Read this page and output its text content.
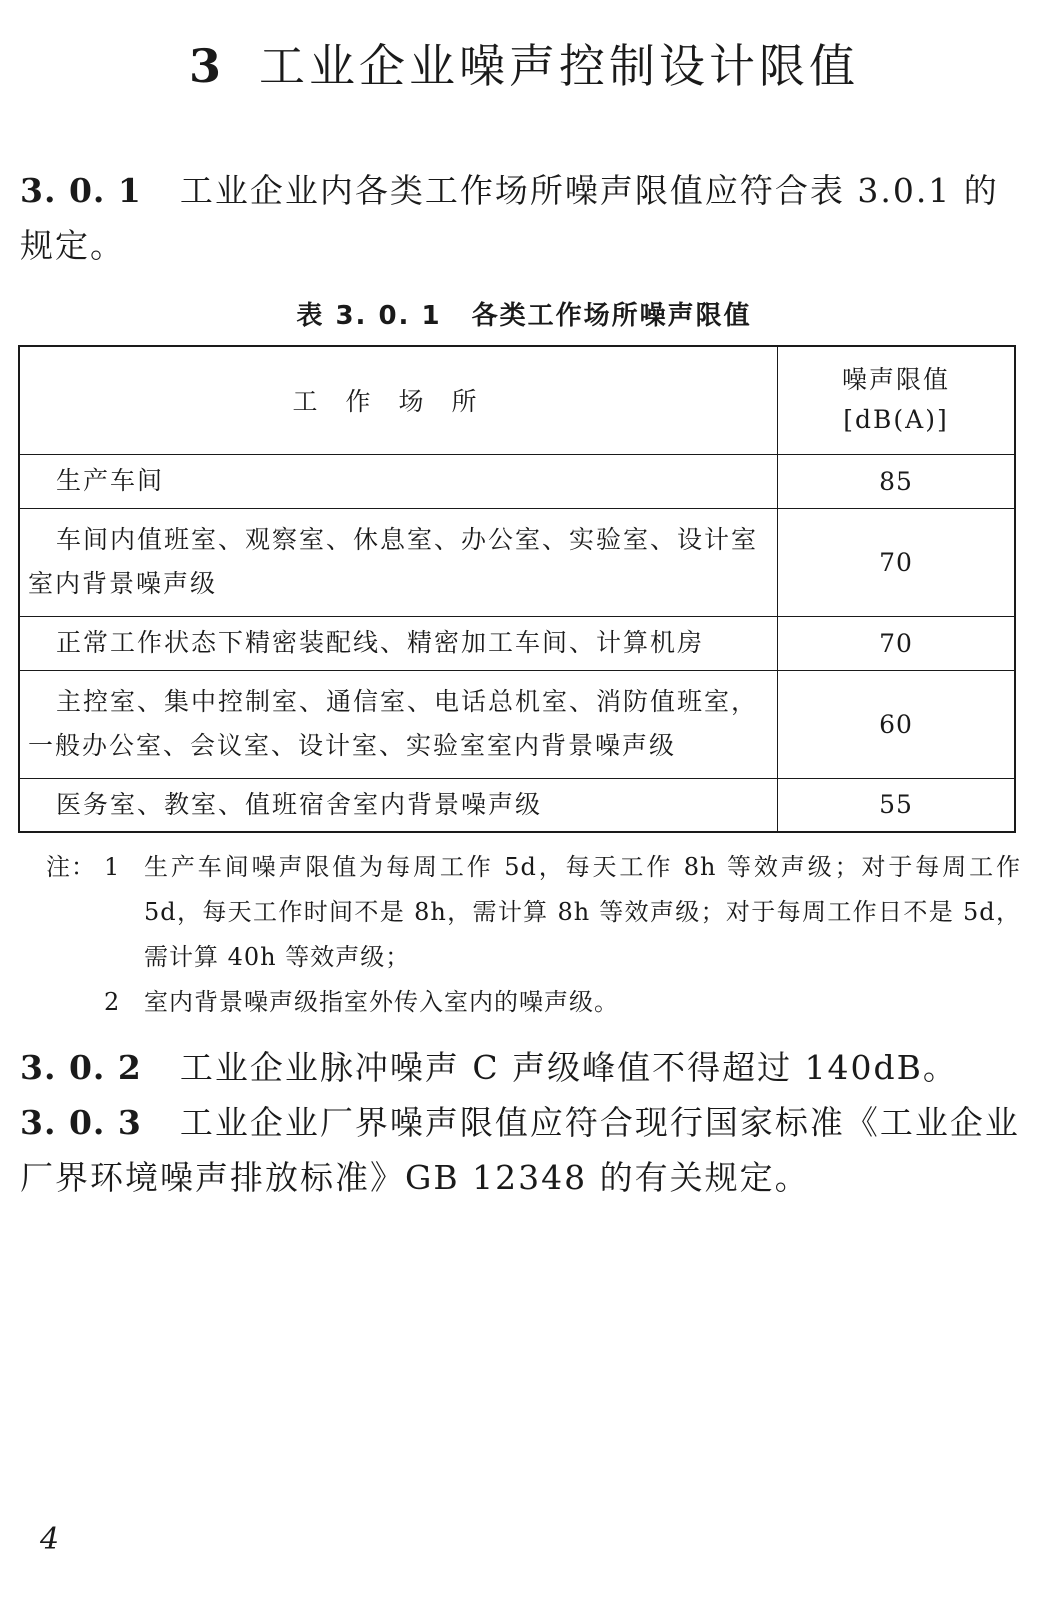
3 工业企业噪声控制设计限值
3. 0. 1 工业企业内各类工作场所噪声限值应符合表 3.0.1 的规定。
表 3. 0. 1 各类工作场所噪声限值
工作场所	噪声限值
[dB(A)]

生产车间	85
车间内值班室、观察室、休息室、办公室、实验室、设计室室内背景噪声级	70
正常工作状态下精密装配线、精密加工车间、计算机房	70
主控室、集中控制室、通信室、电话总机室、消防值班室，一般办公室、会议室、设计室、实验室室内背景噪声级	60
医务室、教室、值班宿舍室内背景噪声级	55
注： 1 生产车间噪声限值为每周工作 5d，每天工作 8h 等效声级；对于每周工作 5d，每天工作时间不是 8h，需计算 8h 等效声级；对于每周工作日不是 5d，需计算 40h 等效声级；
2 室内背景噪声级指室外传入室内的噪声级。
3. 0. 2 工业企业脉冲噪声 C 声级峰值不得超过 140dB。
3. 0. 3 工业企业厂界噪声限值应符合现行国家标准《工业企业厂界环境噪声排放标准》GB 12348 的有关规定。
4
